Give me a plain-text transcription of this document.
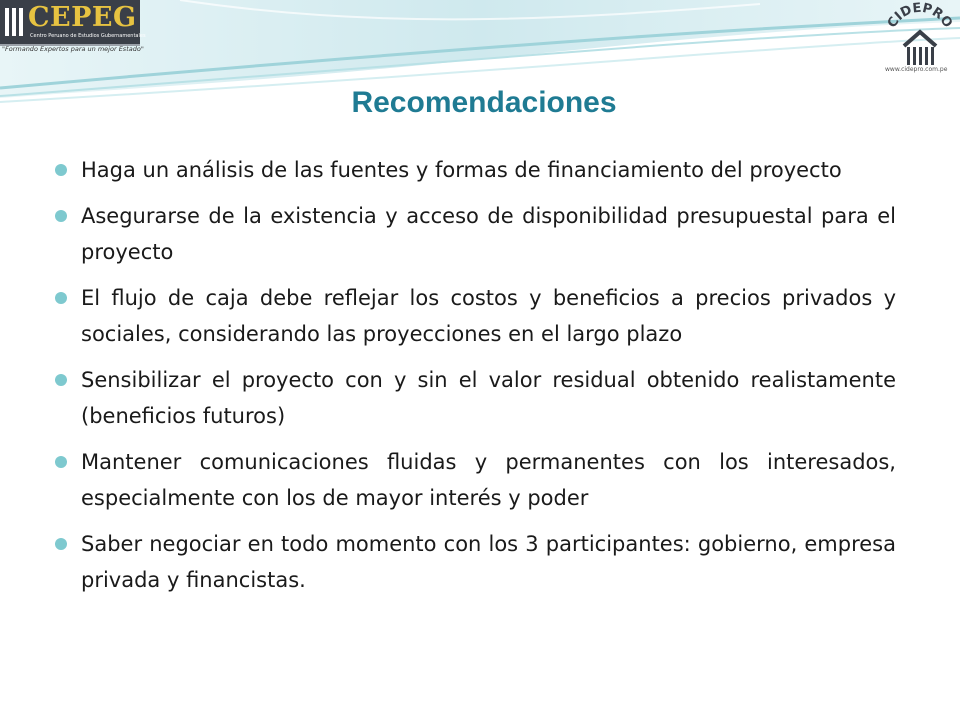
CEPEG
Centro Peruano de Estudios Gubernamentales
"Formando Expertos para un mejor Estado"
CIDEPRO
www.cidepro.com.pe
Recomendaciones
Haga un análisis de las fuentes y formas de financiamiento del proyecto
Asegurarse de la existencia y acceso de disponibilidad presupuestal para el proyecto
El flujo de caja debe reflejar los costos y beneficios a precios privados y sociales, considerando las proyecciones en el largo plazo
Sensibilizar el proyecto con y sin el valor residual obtenido realistamente (beneficios futuros)
Mantener comunicaciones fluidas y permanentes con los interesados, especialmente con los de mayor interés y poder
Saber negociar en todo momento con los 3 participantes: gobierno, empresa privada y financistas.
